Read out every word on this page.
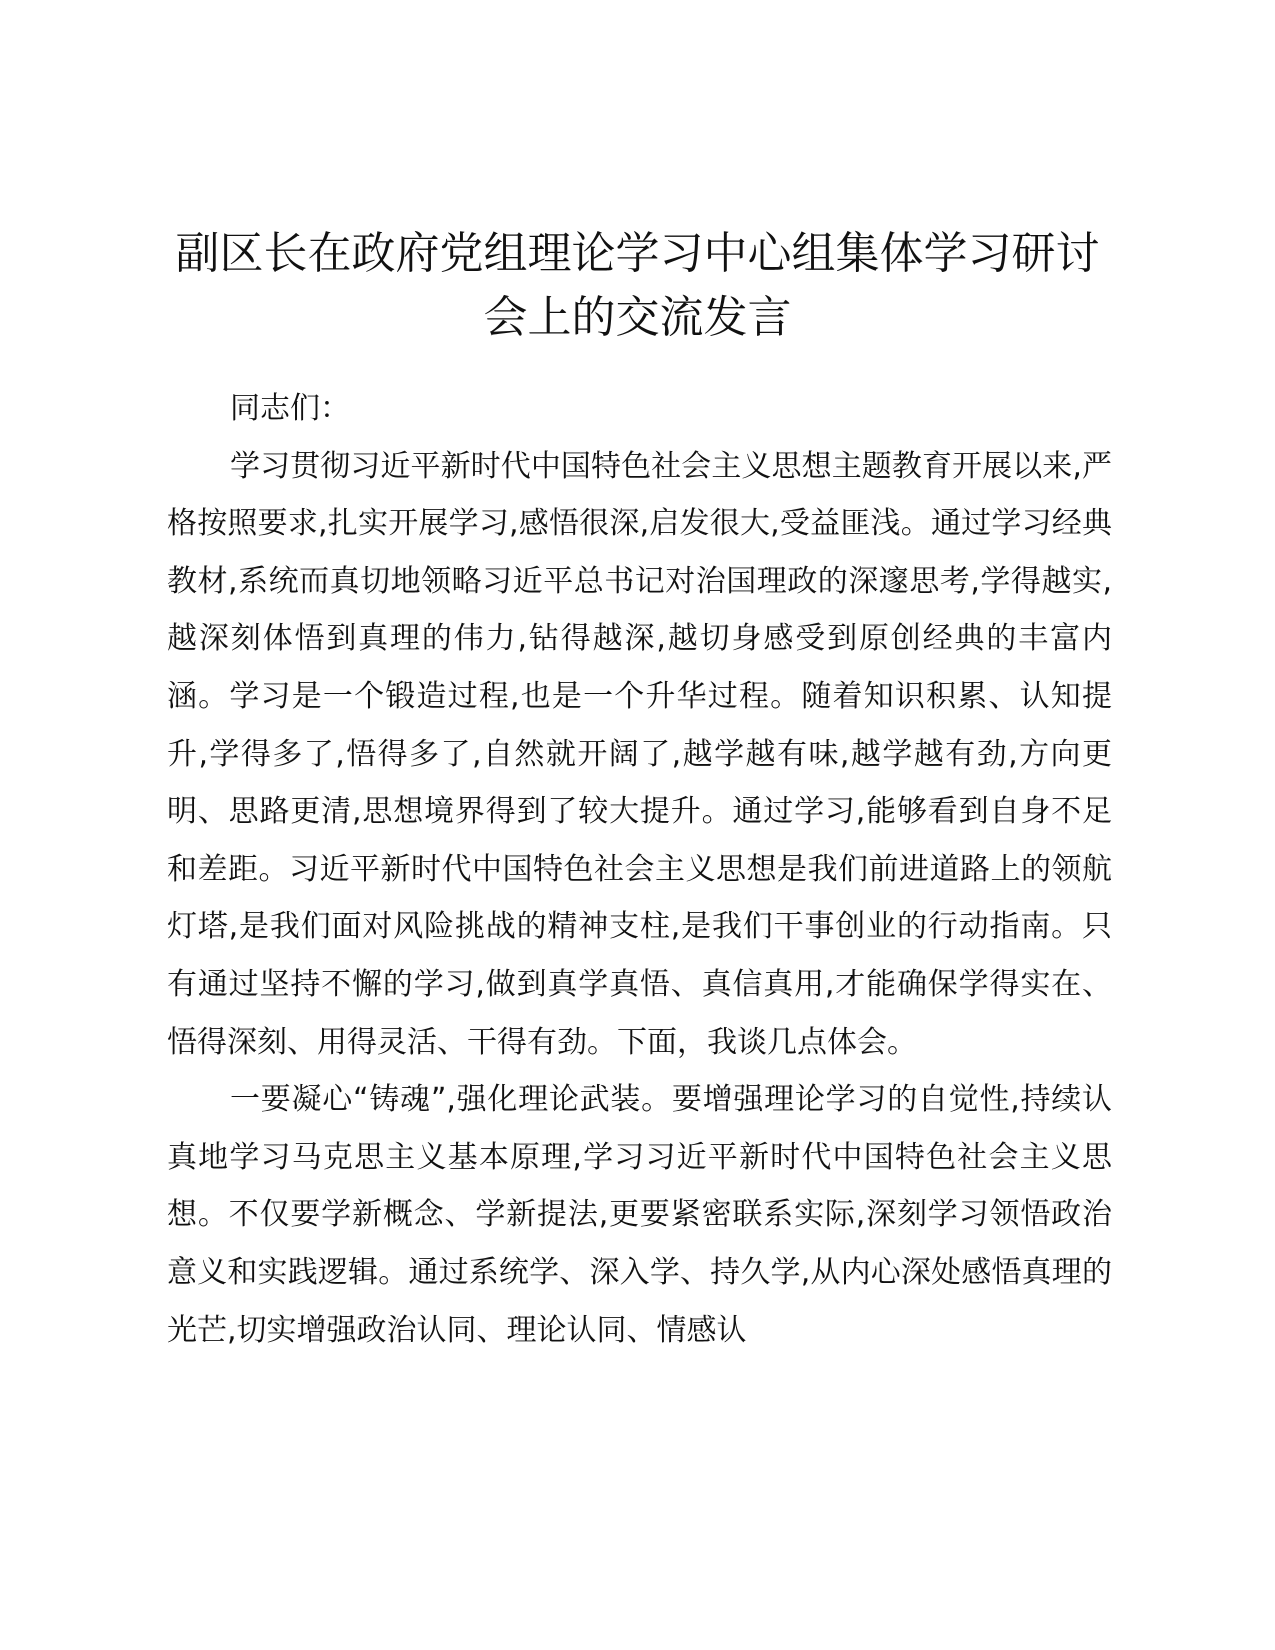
副区长在政府党组理论学习中心组集体学习研讨会上的交流发言

同志们：

学习贯彻习近平新时代中国特色社会主义思想主题教育开展以来,严格按照要求,扎实开展学习,感悟很深,启发很大,受益匪浅。通过学习经典教材,系统而真切地领略习近平总书记对治国理政的深邃思考,学得越实,越深刻体悟到真理的伟力,钻得越深,越切身感受到原创经典的丰富内涵。学习是一个锻造过程,也是一个升华过程。随着知识积累、认知提升,学得多了,悟得多了,自然就开阔了,越学越有味,越学越有劲,方向更明、思路更清,思想境界得到了较大提升。通过学习,能够看到自身不足和差距。习近平新时代中国特色社会主义思想是我们前进道路上的领航灯塔,是我们面对风险挑战的精神支柱,是我们干事创业的行动指南。只有通过坚持不懈的学习,做到真学真悟、真信真用,才能确保学得实在、悟得深刻、用得灵活、干得有劲。下面，我谈几点体会。

一要凝心“铸魂”,强化理论武装。要增强理论学习的自觉性,持续认真地学习马克思主义基本原理,学习习近平新时代中国特色社会主义思想。不仅要学新概念、学新提法,更要紧密联系实际,深刻学习领悟政治意义和实践逻辑。通过系统学、深入学、持久学,从内心深处感悟真理的光芒,切实增强政治认同、理论认同、情感认
